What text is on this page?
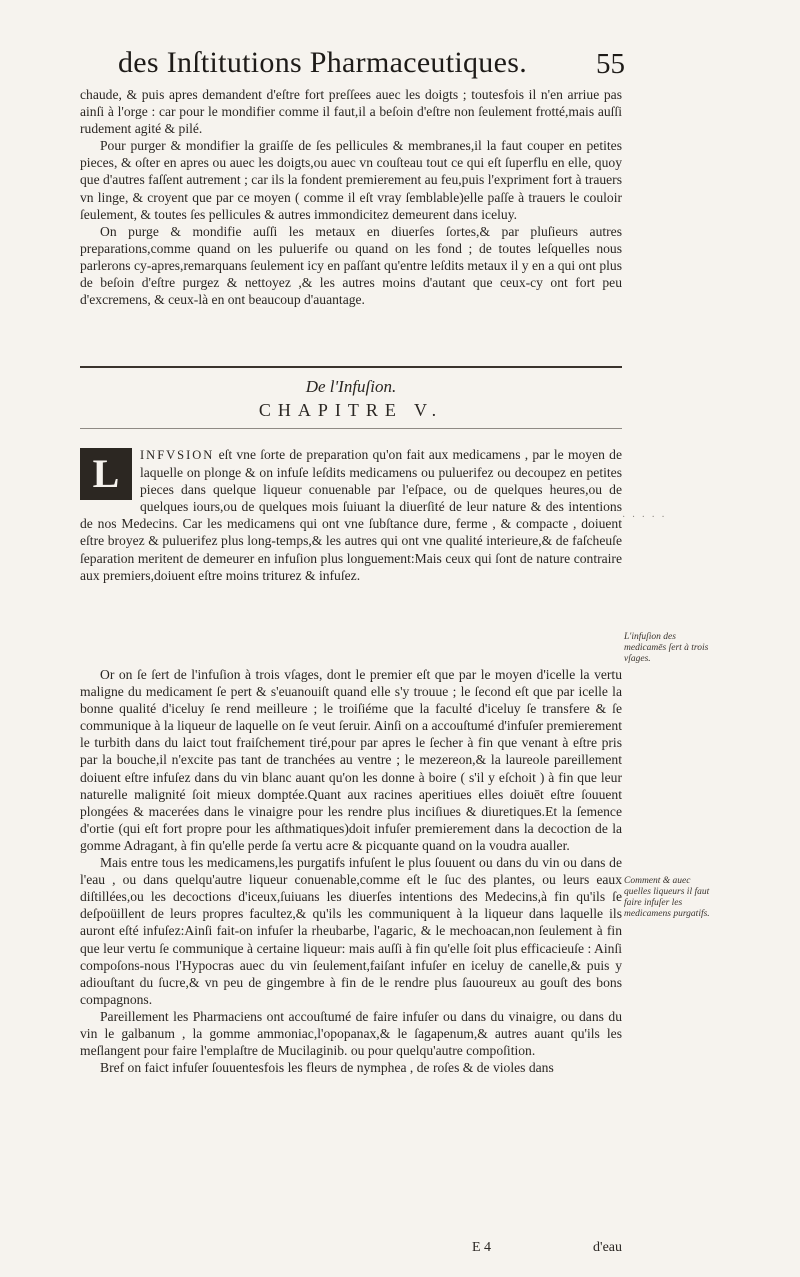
des Inſtitutions Pharmaceutiques. 55

chaude, & puis apres demandent d'eſtre fort preſſees auec les doigts ; toutesfois il n'en arriue pas ainſi à l'orge : car pour le mondifier comme il faut,il a beſoin d'eſtre non ſeulement frotté,mais auſſi rudement agité & pilé.

Pour purger & mondifier la graiſſe de ſes pellicules & membranes,il la faut couper en petites pieces, & oſter en apres ou auec les doigts,ou auec vn couſteau tout ce qui eſt ſuperflu en elle, quoy que d'autres faſſent autrement ; car ils la fondent premierement au feu,puis l'expriment fort à trauers vn linge, & croyent que par ce moyen ( comme il eſt vray ſemblable)elle paſſe à trauers le couloir ſeulement, & toutes ſes pellicules & autres immondicitez demeurent dans iceluy.

On purge & mondifie auſſi les metaux en diuerſes ſortes,& par pluſieurs autres preparations,comme quand on les puluerife ou quand on les fond ; de toutes leſquelles nous parlerons cy-apres,remarquans ſeulement icy en paſſant qu'entre leſdits metaux il y en a qui ont plus de beſoin d'eſtre purgez & nettoyez ,& les autres moins d'autant que ceux-cy ont fort peu d'excremens, & ceux-là en ont beaucoup d'auantage.

De l'Infuſion.
CHAPITRE V.

L	INFVSION eſt vne ſorte de preparation qu'on fait aux medicamens , par le moyen de laquelle on plonge & on infuſe leſdits medicamens ou puluerifez ou decoupez en petites pieces dans quelque liqueur conuenable par l'eſpace, ou de quelques heures,ou de quelques iours,ou de quelques mois ſuiuant la diuerſité de leur nature & des intentions de nos Medecins. Car les medicamens qui ont vne ſubſtance dure, ferme , & compacte , doiuent eſtre broyez & puluerifez plus long-temps,& les autres qui ont vne qualité interieure,& de faſcheuſe ſeparation meritent de demeurer en infuſion plus longuement:Mais ceux qui ſont de nature contraire aux premiers,doiuent eſtre moins triturez & infuſez.

· · · · ·

Or on ſe ſert de l'infuſion à trois vſages, dont le premier eſt que par le moyen d'icelle la vertu maligne du medicament ſe pert & s'euanouiſt quand elle s'y trouue ; le ſecond eſt que par icelle la bonne qualité d'iceluy ſe rend meilleure ; le troiſiéme que la faculté d'iceluy ſe transfere & ſe communique à la liqueur de laquelle on ſe veut ſeruir. Ainſi on a accouſtumé d'infuſer premierement le turbith dans du laict tout fraiſchement tiré,pour par apres le ſecher à fin que venant à eſtre pris par la bouche,il n'excite pas tant de tranchées au ventre ; le mezereon,& la laureole pareillement doiuent eſtre infuſez dans du vin blanc auant qu'on les donne à boire ( s'il y eſchoit ) à fin que leur naturelle malignité ſoit mieux domptée.Quant aux racines aperitiues elles doiuēt eſtre ſouuent plongées & macerées dans le vinaigre pour les rendre plus inciſiues & diuretiques.Et la ſemence d'ortie (qui eſt fort propre pour les aſthmatiques)doit infuſer premierement dans la decoction de la gomme Adragant, à fin qu'elle perde ſa vertu acre & picquante quand on la voudra aualler.

Mais entre tous les medicamens,les purgatifs infuſent le plus ſouuent ou dans du vin ou dans de l'eau , ou dans quelqu'autre liqueur conuenable,comme eſt le ſuc des plantes, ou leurs eaux diſtillées,ou les decoctions d'iceux,ſuiuans les diuerſes intentions des Medecins,à fin qu'ils ſe deſpoüillent de leurs propres facultez,& qu'ils les communiquent à la liqueur dans laquelle ils auront eſté infuſez:Ainſi fait-on infuſer la rheubarbe, l'agaric, & le mechoacan,non ſeulement à fin que leur vertu ſe communique à certaine liqueur: mais auſſi à fin qu'elle ſoit plus efficacieuſe : Ainſi compoſons-nous l'Hypocras auec du vin ſeulement,faiſant infuſer en iceluy de canelle,& puis y adiouſtant du ſucre,& vn peu de gingembre à fin de le rendre plus ſauoureux au gouſt des bons compagnons.

Pareillement les Pharmaciens ont accouſtumé de faire infuſer ou dans du vinaigre, ou dans du vin le galbanum , la gomme ammoniac,l'opopanax,& le ſagapenum,& autres auant qu'ils les meſlangent pour faire l'emplaſtre de Mucilaginib. ou pour quelqu'autre compoſition.

Bref on faict infuſer ſouuentesfois les fleurs de nymphea , de roſes & de violes dans

L'infuſion des medicamēs ſert à trois vſages.
Comment & auec quelles liqueurs il faut faire infuſer les medicamens purgatifs.
E 4	d'eau
